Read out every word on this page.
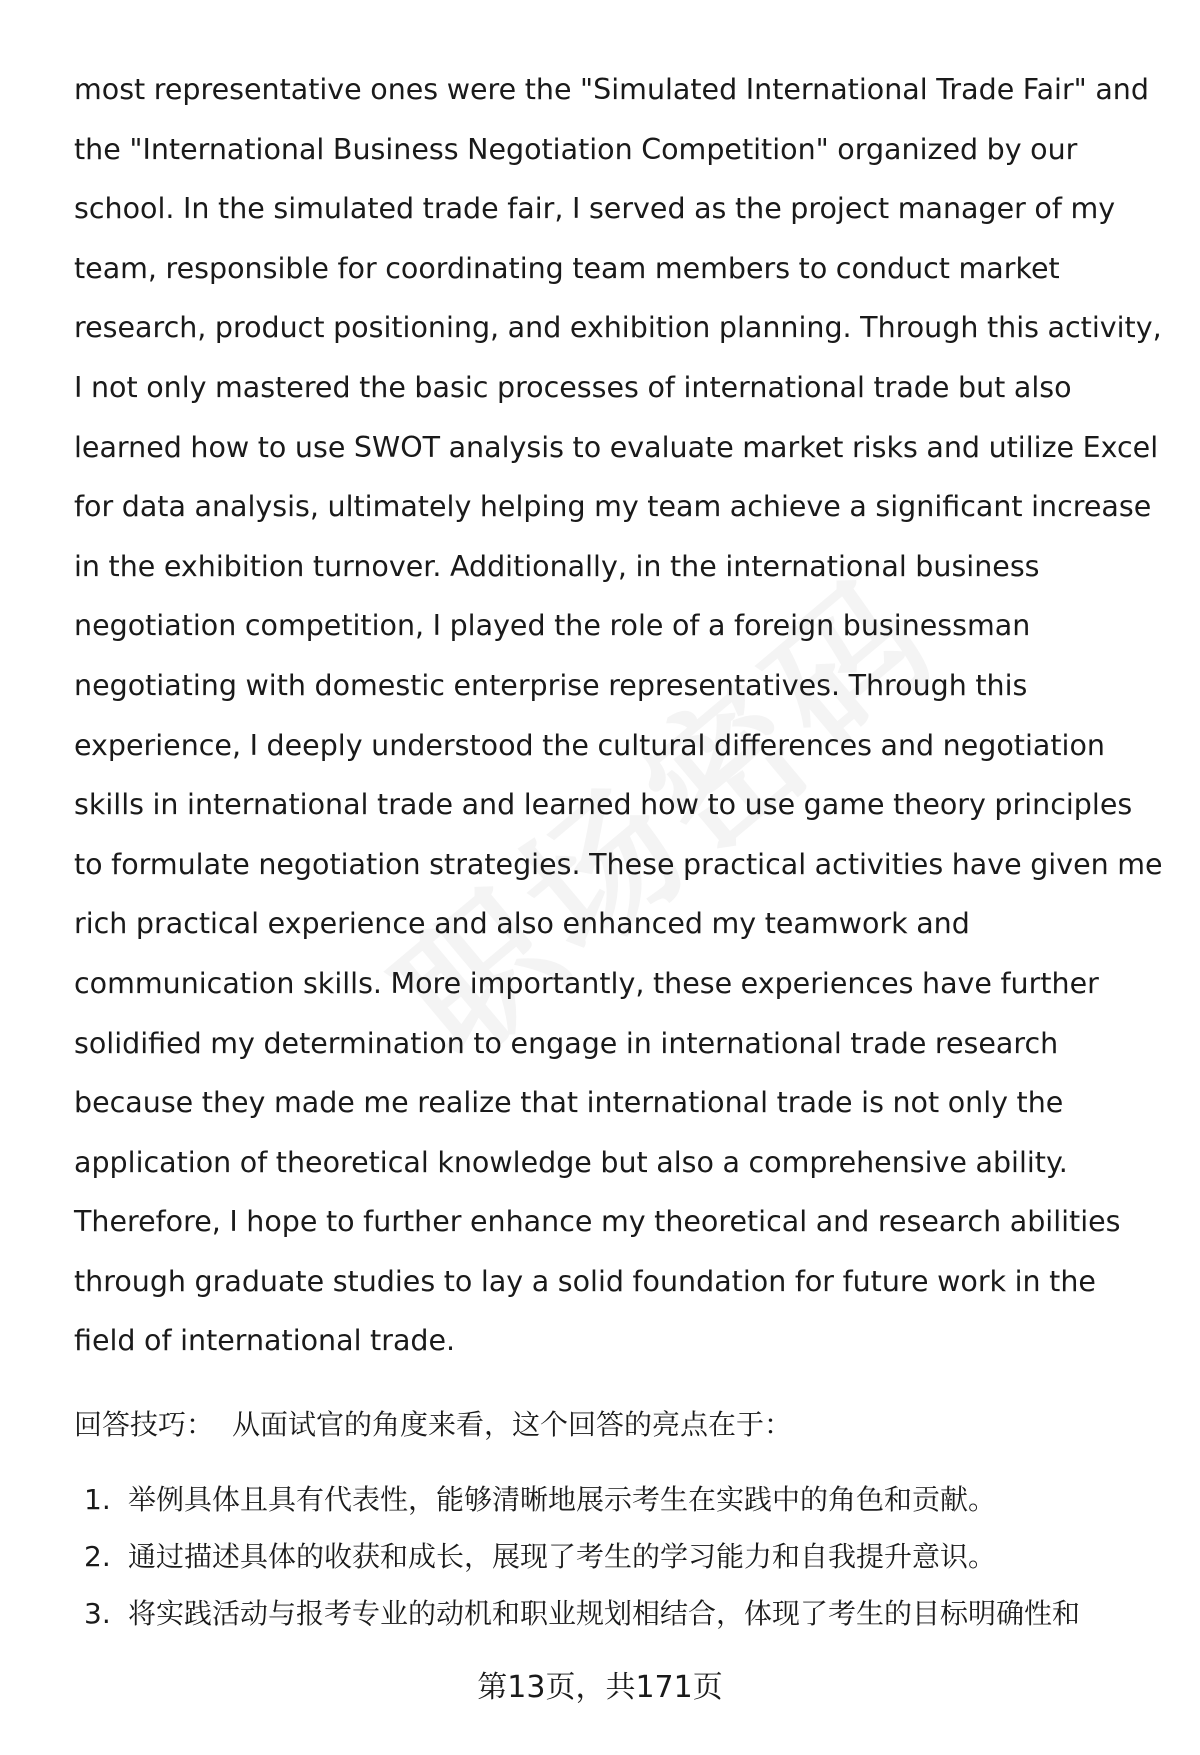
most representative ones were the "Simulated International Trade Fair" and the "International Business Negotiation Competition" organized by our school. In the simulated trade fair, I served as the project manager of my team, responsible for coordinating team members to conduct market research, product positioning, and exhibition planning. Through this activity, I not only mastered the basic processes of international trade but also learned how to use SWOT analysis to evaluate market risks and utilize Excel for data analysis, ultimately helping my team achieve a significant increase in the exhibition turnover. Additionally, in the international business negotiation competition, I played the role of a foreign businessman negotiating with domestic enterprise representatives. Through this experience, I deeply understood the cultural differences and negotiation skills in international trade and learned how to use game theory principles to formulate negotiation strategies. These practical activities have given me rich practical experience and also enhanced my teamwork and communication skills. More importantly, these experiences have further solidified my determination to engage in international trade research because they made me realize that international trade is not only the application of theoretical knowledge but also a comprehensive ability. Therefore, I hope to further enhance my theoretical and research abilities through graduate studies to lay a solid foundation for future work in the field of international trade.

回答技巧： 从面试官的角度来看，这个回答的亮点在于：
1. 举例具体且具有代表性，能够清晰地展示考生在实践中的角色和贡献。
2. 通过描述具体的收获和成长，展现了考生的学习能力和自我提升意识。
3. 将实践活动与报考专业的动机和职业规划相结合，体现了考生的目标明确性和
第13页，共171页
